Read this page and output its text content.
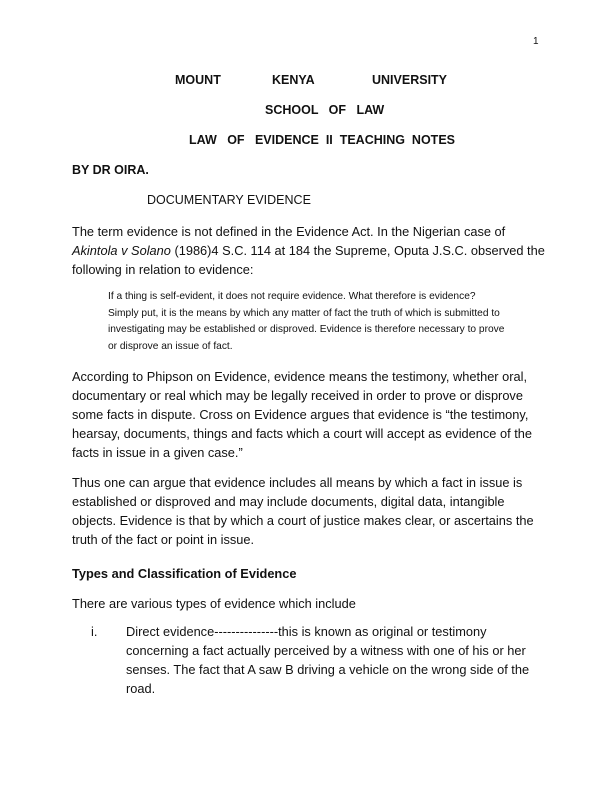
1
MOUNT	KENYA	UNIVERSITY
SCHOOL   OF   LAW
LAW   OF   EVIDENCE  II  TEACHING  NOTES
BY DR OIRA.
DOCUMENTARY EVIDENCE
The term evidence is not defined in the Evidence Act. In the Nigerian case of
Akintola v Solano (1986)4 S.C. 114 at 184 the Supreme, Oputa J.S.C. observed the
following in relation to evidence:
If a thing is self-evident, it does not require evidence. What therefore is evidence?
Simply put, it is the means by which any matter of fact the truth of which is submitted to
investigating may be established or disproved. Evidence is therefore necessary to prove
or disprove an issue of fact.
According to Phipson on Evidence, evidence means the testimony, whether oral,
documentary or real which may be legally received in order to prove or disprove
some facts in dispute. Cross on Evidence argues that evidence is “the testimony,
hearsay, documents, things and facts which a court will accept as evidence of the
facts in issue in a given case.”
Thus one can argue that evidence includes all means by which a fact in issue is
established or disproved and may include documents, digital data, intangible
objects. Evidence is that by which a court of justice makes clear, or ascertains the
truth of the fact or point in issue.
Types and Classification of Evidence
There are various types of evidence which include
i.	Direct evidence---------------this is known as original or testimony
concerning a fact actually perceived by a witness with one of his or her
senses. The fact that A saw B driving a vehicle on the wrong side of the
road.
